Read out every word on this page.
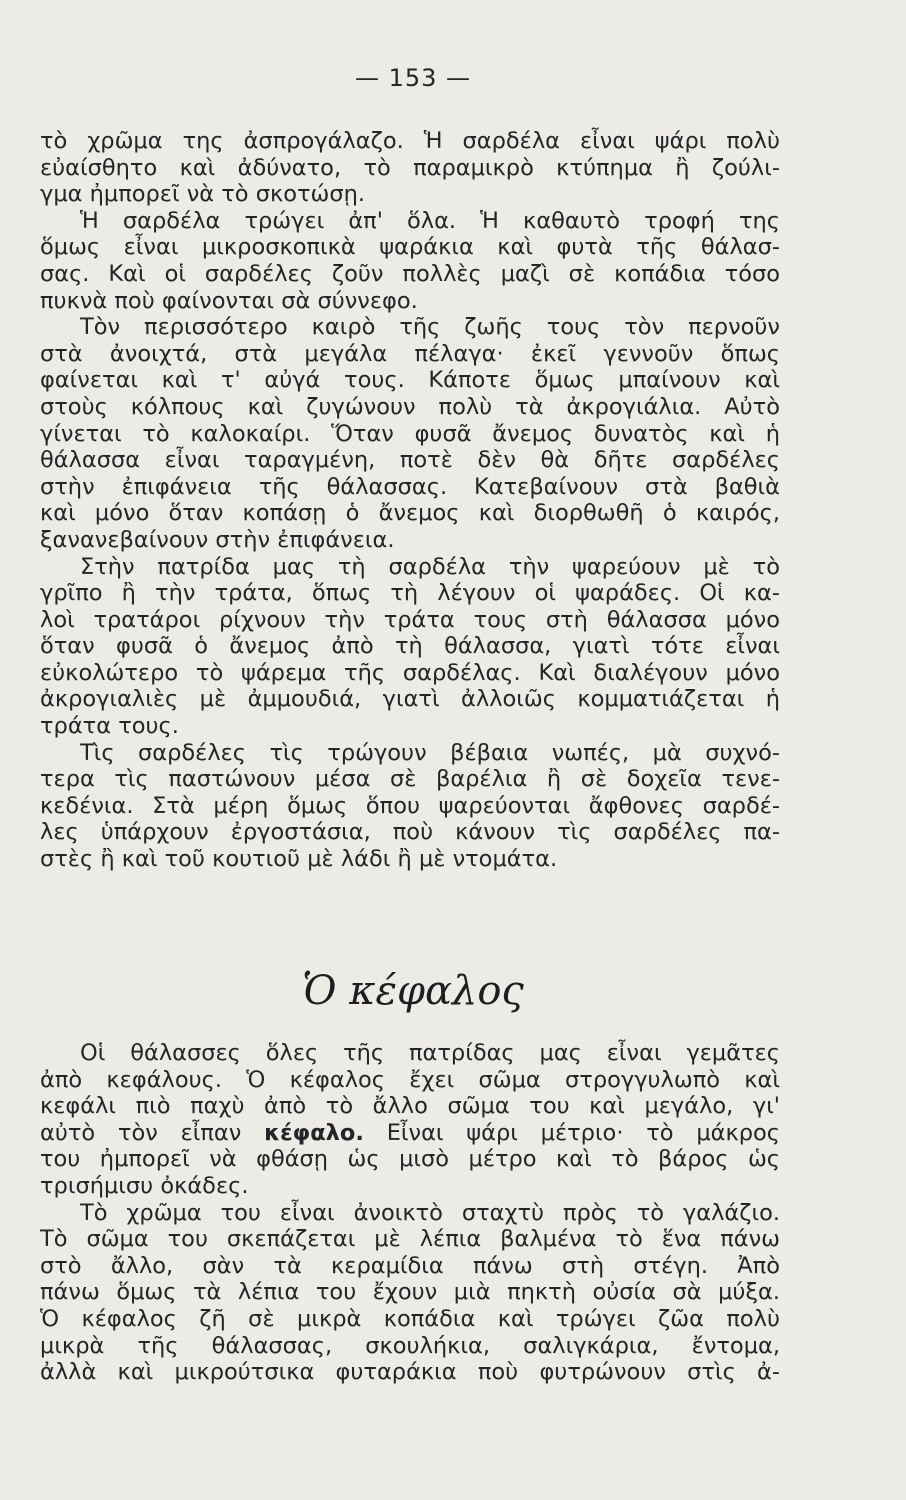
— 153 —
τὸ χρῶμα της ἀσπρογάλαζο. Ἡ σαρδέλα εἶναι ψάρι πολὺ
εὐαίσθητο καὶ ἀδύνατο, τὸ παραμικρὸ κτύπημα ἢ ζούλι-
γμα ἠμπορεῖ νὰ τὸ σκοτώσῃ.
Ἡ σαρδέλα τρώγει ἀπ' ὅλα. Ἡ καθαυτὸ τροφή της
ὅμως εἶναι μικροσκοπικὰ ψαράκια καὶ φυτὰ τῆς θάλασ-
σας. Καὶ οἱ σαρδέλες ζοῦν πολλὲς μαζὶ σὲ κοπάδια τόσο
πυκνὰ ποὺ φαίνονται σὰ σύννεφο.
Τὸν περισσότερο καιρὸ τῆς ζωῆς τους τὸν περνοῦν
στὰ ἀνοιχτά, στὰ μεγάλα πέλαγα· ἐκεῖ γεννοῦν ὅπως
φαίνεται καὶ τ' αὐγά τους. Κάποτε ὅμως μπαίνουν καὶ
στοὺς κόλπους καὶ ζυγώνουν πολὺ τὰ ἀκρογιάλια. Αὐτὸ
γίνεται τὸ καλοκαίρι. Ὅταν φυσᾶ ἄνεμος δυνατὸς καὶ ἡ
θάλασσα εἶναι ταραγμένη, ποτὲ δὲν θὰ δῆτε σαρδέλες
στὴν ἐπιφάνεια τῆς θάλασσας. Κατεβαίνουν στὰ βαθιὰ
καὶ μόνο ὅταν κοπάσῃ ὁ ἄνεμος καὶ διορθωθῆ ὁ καιρός,
ξανανεβαίνουν στὴν ἐπιφάνεια.
Στὴν πατρίδα μας τὴ σαρδέλα τὴν ψαρεύουν μὲ τὸ
γρῖπο ἢ τὴν τράτα, ὅπως τὴ λέγουν οἱ ψαράδες. Οἱ κα-
λοὶ τρατάροι ρίχνουν τὴν τράτα τους στὴ θάλασσα μόνο
ὅταν φυσᾶ ὁ ἄνεμος ἀπὸ τὴ θάλασσα, γιατὶ τότε εἶναι
εὐκολώτερο τὸ ψάρεμα τῆς σαρδέλας. Καὶ διαλέγουν μόνο
ἀκρογιαλιὲς μὲ ἀμμουδιά, γιατὶ ἀλλοιῶς κομματιάζεται ἡ
τράτα τους.
Τὶς σαρδέλες τὶς τρώγουν βέβαια νωπές, μὰ συχνό-
τερα τὶς παστώνουν μέσα σὲ βαρέλια ἢ σὲ δοχεῖα τενε-
κεδένια. Στὰ μέρη ὅμως ὅπου ψαρεύονται ἄφθονες σαρδέ-
λες ὑπάρχουν ἐργοστάσια, ποὺ κάνουν τὶς σαρδέλες πα-
στὲς ἢ καὶ τοῦ κουτιοῦ μὲ λάδι ἢ μὲ ντομάτα.
Ὁ κέφαλος
Οἱ θάλασσες ὅλες τῆς πατρίδας μας εἶναι γεμᾶτες
ἀπὸ κεφάλους. Ὁ κέφαλος ἔχει σῶμα στρογγυλωπὸ καὶ
κεφάλι πιὸ παχὺ ἀπὸ τὸ ἄλλο σῶμα του καὶ μεγάλο, γι'
αὐτὸ τὸν εἶπαν κέφαλο. Εἶναι ψάρι μέτριο· τὸ μάκρος
του ἠμπορεῖ νὰ φθάσῃ ὡς μισὸ μέτρο καὶ τὸ βάρος ὡς
τρισήμισυ ὀκάδες.
Τὸ χρῶμα του εἶναι ἀνοικτὸ σταχτὺ πρὸς τὸ γαλάζιο.
Τὸ σῶμα του σκεπάζεται μὲ λέπια βαλμένα τὸ ἕνα πάνω
στὸ ἄλλο, σὰν τὰ κεραμίδια πάνω στὴ στέγη. Ἀπὸ
πάνω ὅμως τὰ λέπια του ἔχουν μιὰ πηκτὴ οὐσία σὰ μύξα.
Ὁ κέφαλος ζῆ σὲ μικρὰ κοπάδια καὶ τρώγει ζῶα πολὺ
μικρὰ τῆς θάλασσας, σκουλήκια, σαλιγκάρια, ἔντομα,
ἀλλὰ καὶ μικρούτσικα φυταράκια ποὺ φυτρώνουν στὶς ἀ-
